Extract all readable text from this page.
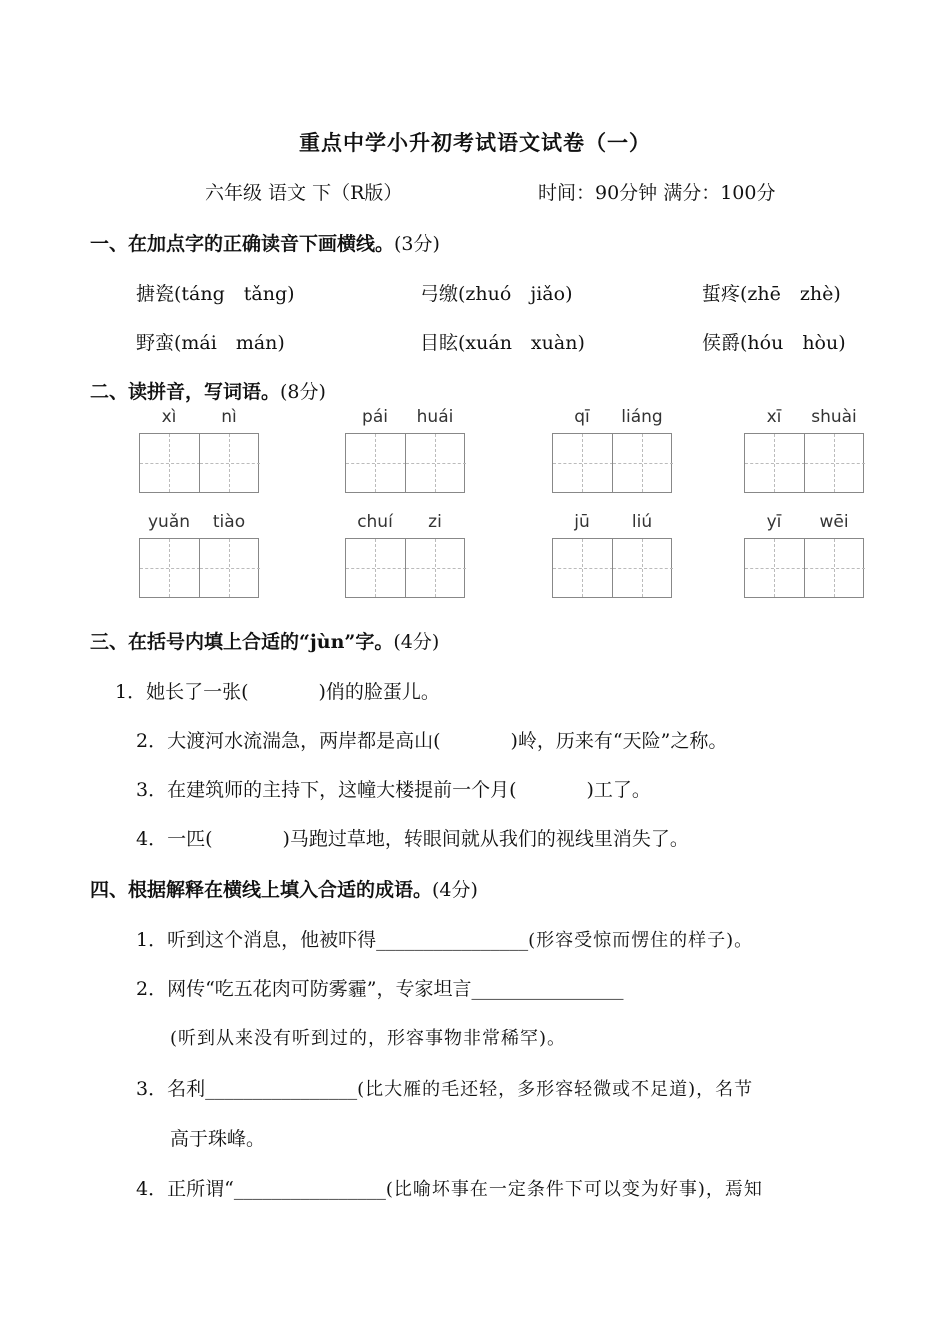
重点中学小升初考试语文试卷（一）
六年级 语文 下（R版）	时间：90分钟 满分：100分
一、在加点字的正确读音下画横线。(3分)
搪瓷(táng　tǎng)	弓缴(zhuó　jiǎo)	蜇疼(zhē　zhè)
野蛮(mái　mán)	目眩(xuán　xuàn)	侯爵(hóu　hòu)
二、读拼音，写词语。(8分)
xì	nì	pái	huái	qī	liáng	xī	shuài
yuǎn	tiào	chuí	zi	jū	liú	yī	wēi
三、在括号内填上合适的“jùn”字。(4分)
1．她长了一张(	)俏的脸蛋儿。
2．大渡河水流湍急，两岸都是高山(	)岭，历来有“天险”之称。
3．在建筑师的主持下，这幢大楼提前一个月(	)工了。
4．一匹(	)马跑过草地，转眼间就从我们的视线里消失了。
四、根据解释在横线上填入合适的成语。(4分)
1．听到这个消息，他被吓得________________(形容受惊而愣住的样子)。
2．网传“吃五花肉可防雾霾”，专家坦言________________
(听到从来没有听到过的，形容事物非常稀罕)。
3．名利________________(比大雁的毛还轻，多形容轻微或不足道)，名节
高于珠峰。
4．正所谓“________________(比喻坏事在一定条件下可以变为好事)，焉知
